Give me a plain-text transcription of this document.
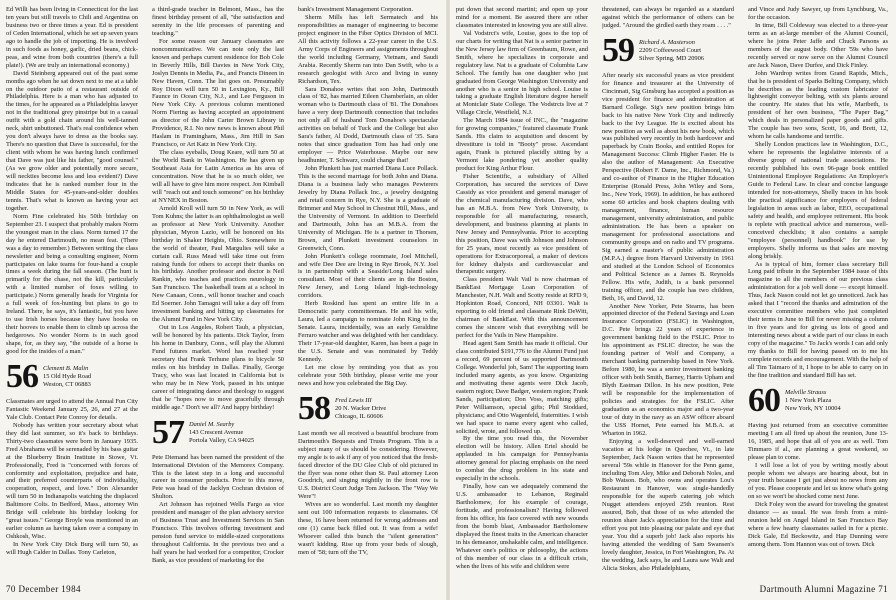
Ed Willi has been living in Connecticut for the last ten years but still travels to Chili and Argentina on business two or three times a year. Ed is president of Ceden International, which he set up seven years ago to handle the job of importing. He is involved in such foods as honey, garlic, dried beans, chick-peas, and wine from both countries (there's a full plate!). (We are truly an international economy.)

David Steinberg appeared out of the past some months ago when he sat down next to me at a table on the outdoor patio of a restaurant outside of Philadelphia. Here is a man who has adjusted to the times, for he appeared as a Philadelphia lawyer not in the traditional grey pinstripe but in a casual outfit with a gold chain around his well-tanned neck, shirt unbuttoned. That's real confidence when you don't always have to dress as the books say. There's no question that Dave is successful, for the client with whom he was having lunch confirmed that Dave was just like his father, "good counsel." (As we grow older and potentially more secure, will neckties become less and less evident?) Dave indicates that he is ranked number four in the Middle States for 45-years-and-older doubles tennis. That's what is known as having your act together.

Norm Fine celebrated his 50th birthday on September 23. I suspect that probably makes Norm the youngest man in the class. Norm turned 17 the day he entered Dartmouth, no mean feat. (There was a day to remember.) Between writing the class newsletter and being a consulting engineer, Norm participates on lake teams for four-hand a couple times a week during the fall season. (The hunt is primarily for the chase, not the kill, particularly with a limited number of foxes willing to participate.) Norm generally heads for Virginia for a full week of fox-hunting but plans to go to Ireland. There, he says, it's fantastic, but you have to use Irish horses because they have hooks on their hooves to enable them to climb up across the hedgerows. No wonder Norm is in such good shape, for, as they say, "the outside of a horse is good for the insides of a man."

56 Clement B. Malin
15 Old Hyde Road
Weston, CT 06883

Classmates are urged to attend the Annual Fun City Fantastic Weekend January 25, 26, and 27 at the Yale Club. Contact Pete Conroy for details.

Nobody has written your secretary about what they did last summer, so it's back to birthdays. Thirty-two classmates were born in January 1935. Fred Abrahams will be serenaded by his bass guitar at the Blueberry Brain Institute in Stowe, Vt. Professionally, Fred is "concerned with forces of conformity and exploitation, prejudice and hate, and their preferred counterparts of individuality, cooperation, respect, and love." Don Alexander will turn 50 in Indianapolis watching the displaced Baltimore Colts. In Bedford, Mass., attorney Win Bridge will celebrate his birthday looking for "great issues." George Broyle was mentioned in an earlier column as having taken over a company in Oshkosh, Wisc.

In New York City Dick Burg will turn 50, as will Hugh Calder in Dallas. Tony Carleton,

a third-grade teacher in Belmont, Mass., has the finest birthday present of all, "the satisfaction and serenity in the life processes of parenting and teaching."

For some reason our January classmates are noncommunicative. We can note only the last known and perhaps current residence for Bob Cole in Beverly Hills, Bill Davies in New York City, Joslyn Dennis in Media, Pa., and Francis Dineen in New Haven, Conn. The list goes on. Presumably Roy Dixon will turn 50 in Lexington, Ky., Bill Faunce in Ocean City, N.J., and Lee Ferguson in New York City. A previous column mentioned Norm Fiering as having accepted an appointment as director of the John Carter Brown Library in Providence, R.I. No new news is known about Phil Haslam in Framingham, Mass., Jim Hill in San Francisco, or Art Katz in New York City.

The class eyeballs, Doug Keare, will turn 50 at the World Bank in Washington. He has given up Southeast Asia for Latin America as his area of concentration. Now that he is so much older, we will all have to give him more respect. Jon Kimball will "reach out and touch someone" on his birthday at NYNEX in Boston.

Arnold Kroll will turn 50 in New York, as will Tom Kuhns; the latter is an ophthalmologist as well as professor at New York University. Another physician, Myron Lazio, will be honored on his birthday in Shaker Heights, Ohio. Somewhere in the world of theater, Paul Margulies will take a curtain call. Russ Mead will take time out from raising funds for others to accept their thanks on his birthday. Another professor and doctor is Neil Rankin, who teaches and practices neurology in San Francisco. The basketball team at a school in New Canaan, Conn., will honor teacher and coach Ed Soerner. John Tamagni will take a day off from investment banking and hitting up classmates for the Alumni Fund in New York City.

Out in Los Angeles, Robert Taub, a physician, will be honored by his patients. Dick Taylor, from his home in Danbury, Conn., will play the Alumni Fund futures market. Word has reached your secretary that Frank Terhune plans to bicycle 50 miles on his birthday in Dallas. Finally, George Tracy, who was last located in California but is who may be in New York, passed in his unique career of integrating dance and theology to suggest that he "hopes now to move gracefully through middle age." Don't we all? And happy birthday!

57 Daniel M. Searby
143 Crescent Avenue
Portola Valley, CA 94025

Pete Diemand has been named the president of the International Division of the Memorex Company. This is the latest step in a long and successful career in consumer products. Prior to this move, Pete was head of the Jacklyn Cochran division of Shulton.

Art Johnson has rejoined Wells Fargo as vice president and manager of the plan advisory service of Business Trust and Investment Services in San Francisco. This involves offering investment and pension fund service to middle-sized corporations throughout California. In the previous two and a half years he had worked for a competitor, Crocker Bank, as vice president of marketing for the

bank's Investment Management Corporation.

Sherm Mills has left Sermatech and his responsibilities as manager of engineering to become project engineer in the Fiber Optics Division of MCI. All this activity follows a 22-year career in the U.S. Army Corps of Engineers and assignments throughout the world including Germany, Vietnam, and Saudi Arabia. Recently Sherm ran into Dan Swift, who is a research geologist with Arco and living in sunny Richardson, Tex.

Sara Donahoe writes that son John, Dartmouth class of '82, has married Eileen Chamberlain, an older woman who is Dartmouth class of '81. The Donahoes have a very deep Dartmouth connection that includes not only all of husband Tom Donahoe's spectacular activities on behalf of Tuck and the College but also Sara's father, Al Dodd, Dartmouth class of '35. Sara notes that since graduation Tom has had only one employer — Price Waterhouse. Maybe our new headhunter, T. Schwarz, could change that!

John Plunkett has just married Diana Luce Pollack. This is the second marriage for both John and Diana. Diana is a business lady who manages Pewterers Jewelry by Diana Pollack Inc., a jewelry designing and retail concern in Rye, N.Y. She is a graduate of Brimmer and May School in Chestnut Hill, Mass., and the University of Vermont. In addition to Deerfield and Dartmouth, John has an M.B.A. from the University of Michigan. He is a partner in Thorsen, Brown, and Plunkett investment counselors in Greenwich, Conn.

John Plunkett's college roommate, Joel Mitchell, and wife Dee Dee are living in Rye Brook, N.Y. Joel is in partnership with a Seaside/Long Island sales consultant. Most of their clients are in the Boston, New Jersey, and Long Island high-technology corridors.

Herb Roskind has spent an entire life in a Democratic party committeeman. He and his wife, Laura, led a campaign to nominate John King to the Senate. Laura, incidentally, was an early Geraldine Ferraro watcher and was delighted with her candidacy. Their 17-year-old daughter, Karen, has been a page in the U.S. Senate and was nominated by Teddy Kennedy.

Let me close by reminding you that as you celebrate your 50th birthday, please write me your news and how you celebrated the Big Day.

58 Fred Lewis III
20 N. Wacker Drive
Chicago, IL 60606

Last month we all received a beautiful brochure from Dartmouth's Bequests and Trusts Program. This is a subject many of us should be considering. However, my angle is to ask if any of you noticed that the fresh-faced director of the DU Glee Club of old pictured in the flyer was none other than St. Paul attorney Leon Goodrich, and singing mightily in the front row is U.S. District Court Judge Tom Jackson. The "Way We Were"!

Wives are so wonderful. Last month my daughter sent out 100 information requests to classmates. Of these, 16 have been returned for wrong addresses and one (1) came back filled out. It was from a wife! Whoever called this bunch the "silent generation" wasn't kidding. Rise up from your beds of slough, men of '58; turn off the TV,

70 December 1984

put down that second martini; and open up your mind for a moment. Be assured there are other classmates interested in knowing you are still alive.

Val Vodstrct's wife, Louise, goes to the top of our charts for writing that Nat is a senior partner in the New Jersey law firm of Greenbaum, Rowe, and Smith, where he specializes in corporate and regulatory law. Nat is a graduate of Columbia Law School. The family has one daughter who just graduated from George Washington University and another who is a senior in high school. Louise is taking a graduate English literature degree herself at Montclair State College. The Vodstrcts live at 7 Village Circle, Westfield, N.J.

The March 1984 issue of INC., the "magazine for growing companies," featured classmate Frank Sands. His claim to acquisition and descent by divestiture is told in "Booty" prose. Ascendant again, Frank is pictured placidly sitting by a Vermont lake pondering yet another quality product for King Arthur Flour.

Fisher Scientific, a subsidiary of Allied Corporation, has secured the services of Dave Cassidy as vice president and general manager of the chemical manufacturing division. Dave, who has an M.B.A. from New York University, is responsible for all manufacturing, research, development, and business planning at plants in New Jersey and Pennsylvania. Prior to accepting this position, Dave was with Johnson and Johnson for 25 years, most recently as vice president of operations for Extracorporeal, a maker of devices for kidney dialysis and cardiovascular and therapeutic surgery.

Class president Walt Vail is now chairman of BankEast Mortgage Loan Corporation of Manchester, N.H. Walt and Scotty reside at RFD 9, Hopkinton Road, Concord, NH 03301. Walt is reporting to old friend and classmate Rink DeWitt, chairman of BankEast. With this announcement comes the sincere wish that everything will be perfect for the Vails in New Hampshire.

Head agent Sam Smith has made it official. Our class contributed $191,776 to the Alumni Fund just a record, 69 percent of us supported Dartmouth College. Wonderful job, Sam! The supporting team included many agents, as you know. Organizing and motivating these agents were Dick Jacob, eastern region; Dave Badger, western region; Frank Sands, participation; Don Voss, matching gifts; Peter Williamson, special gifts; Phil Stoddard, physicians; and Otto Wagenfeld, fraternities. I wish we had space to name every agent who called, solicited, wrote, and followed up.

By the time you read this, the November election will be history. Allen Ertel should be applauded in his campaign for Pennsylvania attorney general for placing emphasis on the need to combat the drug problem in his state and especially in the schools.

Finally, how can we adequately commend the U.S. ambassador to Lebanon, Reginald Bartholomew, for his example of courage, fortitude, and professionalism? Having followed from his office, his face covered with new wounds from the bomb blast, Ambassador Bartholomew displayed the finest traits in the American character in his demeanor, unshakable calm, and intelligence. Whatever one's politics or philosophy, the actions of this member of our class in a difficult crisis, when the lives of his wife and children were

threatened, can always be regarded as a standard against which the performance of others can be judged. "Around the girdled earth they roam . . . ."

59 Richard A. Masterson
2209 Coffeewood Court
Silver Spring, MD 20906

After nearly six successful years as vice president for finance and treasurer at the University of Cincinnati, Sig Ginsburg has accepted a position as vice president for finance and administration at Barnard College. Sig's new position brings him back to his native New York City and indirectly back to the Ivy League. He is excited about his new position as well as about his new book, which was published very recently in both hardcover and paperback by Crain Books, and entitled Ropes for Management Success: Climb Higher Faster. He is also the author of Management: An Executive Perspective (Robert F. Dame, Inc., Richmond, Va.) and co-author of Finance in the Higher Education Enterprise (Ronald Press, John Wiley and Sons, Inc., New York, 1969). In addition, he has authored some 60 articles and book chapters dealing with management, finance, human resource management, university administration, and public administration. He has been a speaker on management for professional associations and community groups and on radio and TV programs. Sig earned a master's of public administration (M.P.A.) degree from Harvard University in 1961 and studied at the London School of Economics and Political Science as a James B. Reynolds Fellow. His wife, Judith, is a bank personnel training officer, and the couple has two children, Beth, 16, and David, 12.

Another New Yorker, Pete Stearns, has been appointed director of the Federal Savings and Loan Insurance Corporation (FSLIC) in Washington, D.C. Pete brings 22 years of experience in government banking field to the FSLIC. Prior to his appointment as FSLIC director, he was the founding partner of Wolf and Company, a merchant banking partnership based in New York. Before 1980, he was a senior investment banking officer with both Smith, Barney, Harris Upham and Blyth Eastman Dillon. In his new position, Pete will be responsible for the implementation of policies and strategies for the FSLIC. After graduation as an economics major and a two-year tour of duty in the navy as an ASW officer aboard the USS Hornet, Pete earned his M.B.A. at Wharton in 1962.

Enjoying a well-deserved and well-earned vacation at his lodge in Quechee, Vt., in late September, Jack Nason writes that he represented several '59s while in Hanover for the Penn game, including Tom Aley, Mike and Deborah Noles, and Bob Watson. Bob, who owns and operates Lou's Restaurant in Hanover, was single-handedly responsible for the superb catering job which Nugget attendees enjoyed 25th reunion. Rest assured, Bob, that those of us who attended the reunion share Jack's appreciation for the time and effort you put into pleasing our palate and eye that year. You did a superb job! Jack also reports his having attended the wedding of Sam Swansen's lovely daughter, Jessica, in Fort Washington, Pa. At the wedding, Jack says, he and Laura saw Walt and Alicia Stokes, also Philadelphians,

and Vince and Judy Sawyer, up from Lynchburg, Va., for the occasion.

In time, Bill Coldeway was elected to a three-year term as an at-large member of the Alumni Council, where he joins Peter Jaffe and Chuck Parsons as members of the august body. Other '59s who have recently served or now serve on the Alumni Council are Jack Nason, Dave Durfee, and Dick Finley.

John Wardrop writes from Grand Rapids, Mich., that he is president of Sparks Belting Company, which he describes as the leading custom fabricator of lightweight conveyor belting, with six plants around the country. He states that his wife, Maribeth, is president of her own business, "The Paper Bag," which deals in personalized paper goods and gifts. The couple has two sons, Scott, 16, and Brett, 12, whom he calls handsome and terrific.

Shelly London practices law in Washington, D.C., where he represents the legislative interests of a diverse group of national trade associations. He recently published his own 96-page book entitled Unintentional Employee Regulations: An Employer's Guide to Federal Law. In clear and concise language intended for non-attorneys, Shelly traces in his book the practical significance for employers of federal legislation in areas such as labor, EEO, occupational safety and health, and employee retirement. His book is replete with practical advice and numerous, well-conceived checklists; it also contains a sample "employee (personnel) handbook" for use by employers. Shelly informs us that sales are moving along briskly.

As is typical of him, former class secretary Bill Long paid tribute in the September 1984 issue of this magazine to all the members of our previous class administration for a job well done — except himself. Thus, Jack Nason could not let go unnoticed. Jack has asked that I "record the thanks and admiration of the executive committee members who just completed their terms in June to Bill for never missing a column in five years and for giving us lots of good and interesting news about a wide part of our class in each copy of the magazine." To Jack's words I can add only my thanks to Bill for having passed on to me his complete records and encouragement. With the help of all Tim Taimaro of it, I hope to be able to carry on in the fine tradition and standard Bill has set.

60 Melville Strauss
1 New York Plaza
New York, NY 10004

Having just returned from an executive committee meeting I am all fired up about the reunion, June 13-16, 1985, and hope that all of you are as well. Tom Timmaro if al., are planning a great weekend, so please plan to come.

I will lose a lot of you by writing mostly about people whom we always are hearing about, but in your truth because I get just about no news from any of you. Please cooperate and let us know what's going on so we won't be shocked come next June.

Dick Foley won the award for traveling the greatest distance — as usual. He was fresh from a mini-reunion held on Angel Island in San Francisco Bay where a few hearty classmates sailed in for a picnic. Dick Gale, Ed Beckowitz, and Hap Dunning were among them. Tom Hannon was out of town. Dick

Dartmouth Alumni Magazine 71
